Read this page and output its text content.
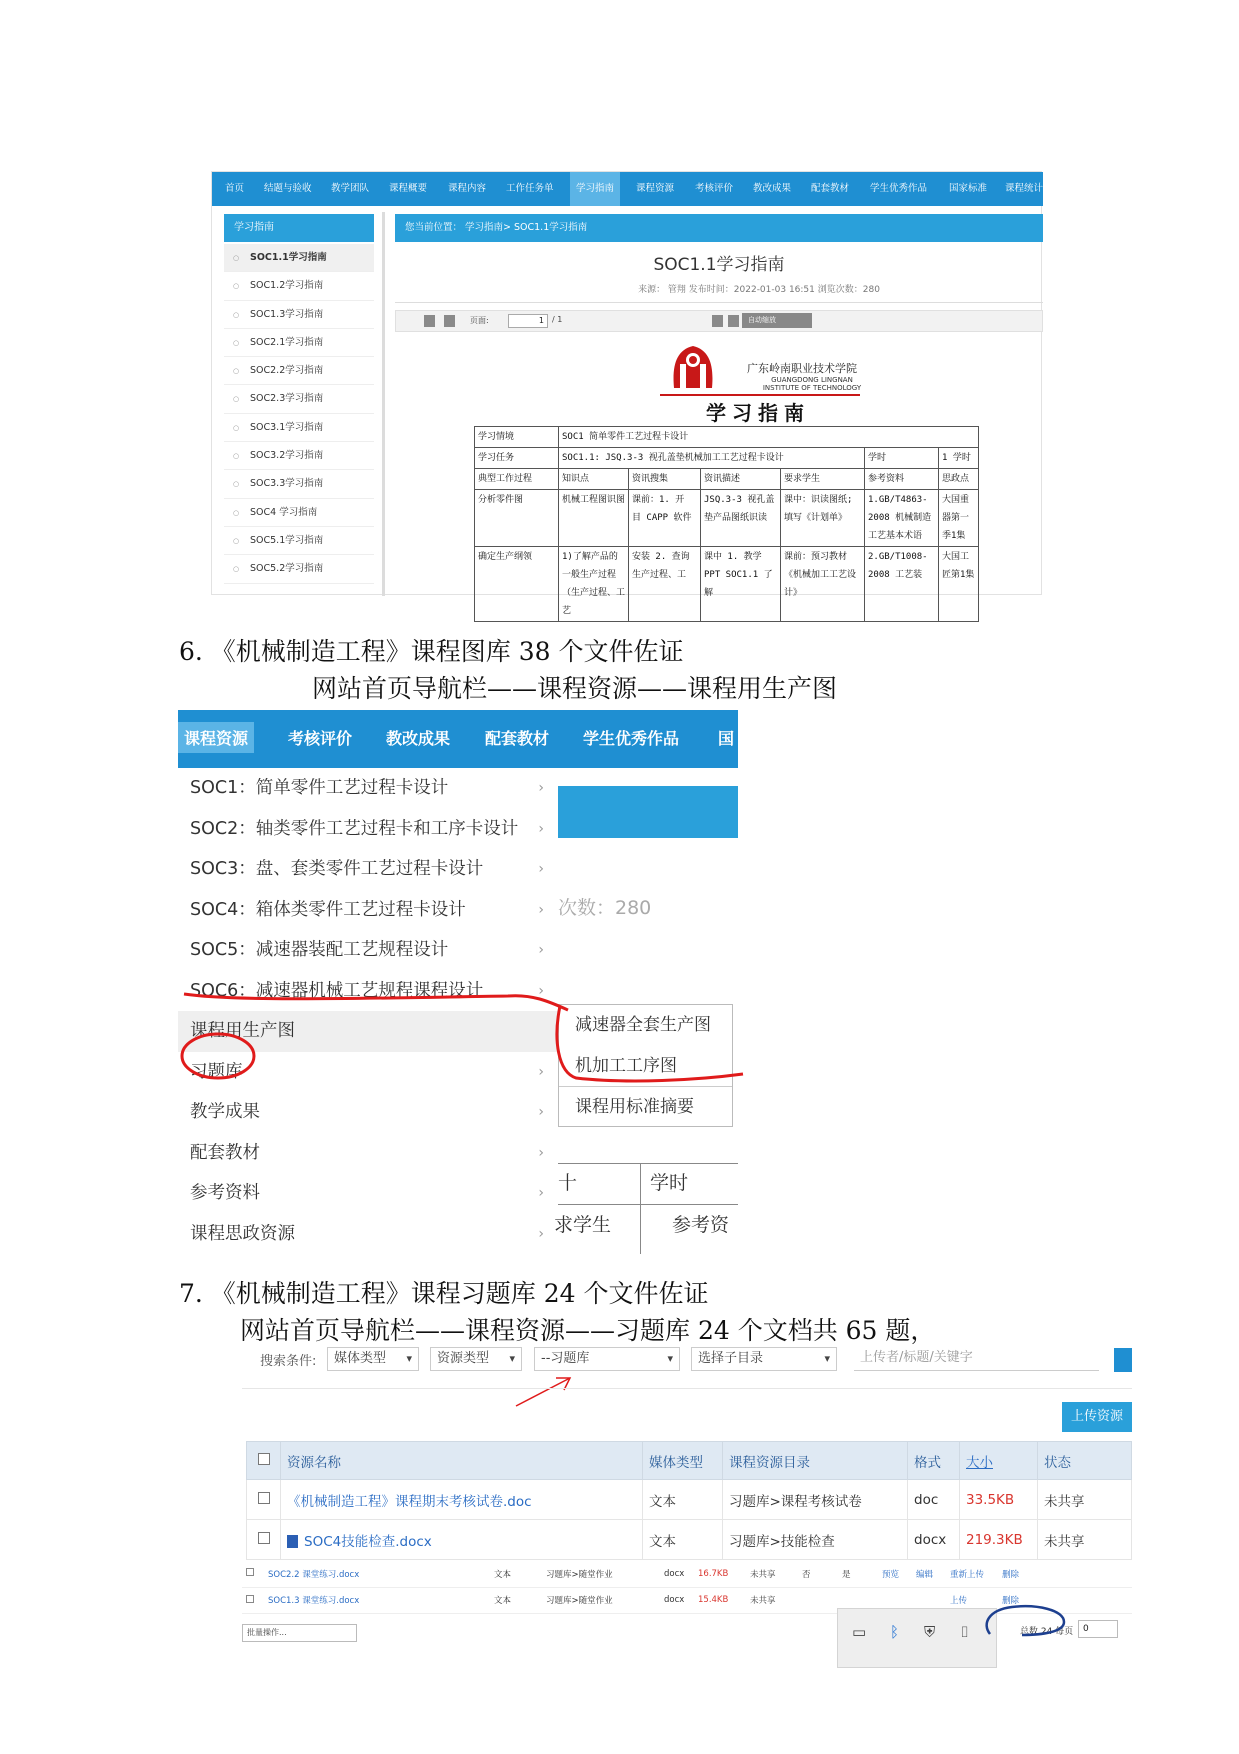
首页 结题与验收 教学团队 课程概要 课程内容 工作任务单	学习指南	课程资源 考核评价 教改成果 配套教材 学生优秀作品 国家标准 课程统计
学习指南
○ SOC1.1学习指南
○ SOC1.2学习指南
○ SOC1.3学习指南
○ SOC2.1学习指南
○ SOC2.2学习指南
○ SOC2.3学习指南
○ SOC3.1学习指南
○ SOC3.2学习指南
○ SOC3.3学习指南
○ SOC4 学习指南
○ SOC5.1学习指南
○ SOC5.2学习指南
您当前位置： 学习指南> SOC1.1学习指南
SOC1.1学习指南
来源： 管翔 发布时间：2022-01-03 16:51 浏览次数：280
页面:	1	/ 1	自动缩放
广东岭南职业技术学院
GUANGDONG LINGNAN INSTITUTE OF TECHNOLOGY
学习指南
学习情境	SOC1 简单零件工艺过程卡设计					
学习任务	SOC1.1: JSQ.3-3 视孔盖垫机械加工工艺过程卡设计				学时	1 学时
典型工作过程	知识点	资讯搜集	资讯描述	要求学生	参考资料	思政点
分析零件图	机械工程图识图	课前：1. 开 目 CAPP 软件	JSQ.3-3 视孔盖垫产品图纸识读	课中：识读图纸;填写《计划单》	1.GB/T4863-2008 机械制造工艺基本术语	大国重器第一季1集
确定生产纲领	1)了解产品的一般生产过程（生产过程、工艺	安装 2. 查询生产过程、工	课中 1. 教学 PPT SOC1.1 了解	课前：预习教材《机械加工工艺设计》	2.GB/T1008-2008 工艺装	大国工匠第1集
6. 《机械制造工程》课程图库 38 个文件佐证
网站首页导航栏——课程资源——课程用生产图
课程资源	考核评价 教改成果 配套教材 学生优秀作品 国
次数：280
SOC1：简单零件工艺过程卡设计	›
SOC2：轴类零件工艺过程卡和工序卡设计 ›
SOC3：盘、套类零件工艺过程卡设计	›
SOC4：箱体类零件工艺过程卡设计	›
SOC5：减速器装配工艺规程设计	›
SOC6：减速器机械工艺规程课程设计	›
课程用生产图
习题库	›
教学成果	›
配套教材	›
参考资料	›
课程思政资源	›
减速器全套生产图
机加工工序图
课程用标准摘要
十	学时
求学生	参考资
7. 《机械制造工程》课程习题库 24 个文件佐证
网站首页导航栏——课程资源——习题库 24 个文档共 65 题，
搜索条件:	媒体类型 ▾	资源类型 ▾	--习题库	▾	选择子目录	▾	上传者/标题/关键字
上传资源
	资源名称	媒体类型	课程资源目录	格式	大小	状态
	《机械制造工程》课程期末考核试卷.doc	文本	习题库>课程考核试卷	doc	33.5KB	未共享
	SOC4技能检查.docx	文本	习题库>技能检查	docx	219.3KB	未共享
	SOC2.2 课堂练习.docx	文本	习题库>随堂作业	docx	16.7KB	未共享	否	是	预览	编辑	重新上传	删除
	SOC1.3 课堂练习.docx	文本	习题库>随堂作业	docx	15.4KB	未共享					上传	删除
批量操作...	▭ ᛒ ⛨ ⌷	总数 24 每页	0
